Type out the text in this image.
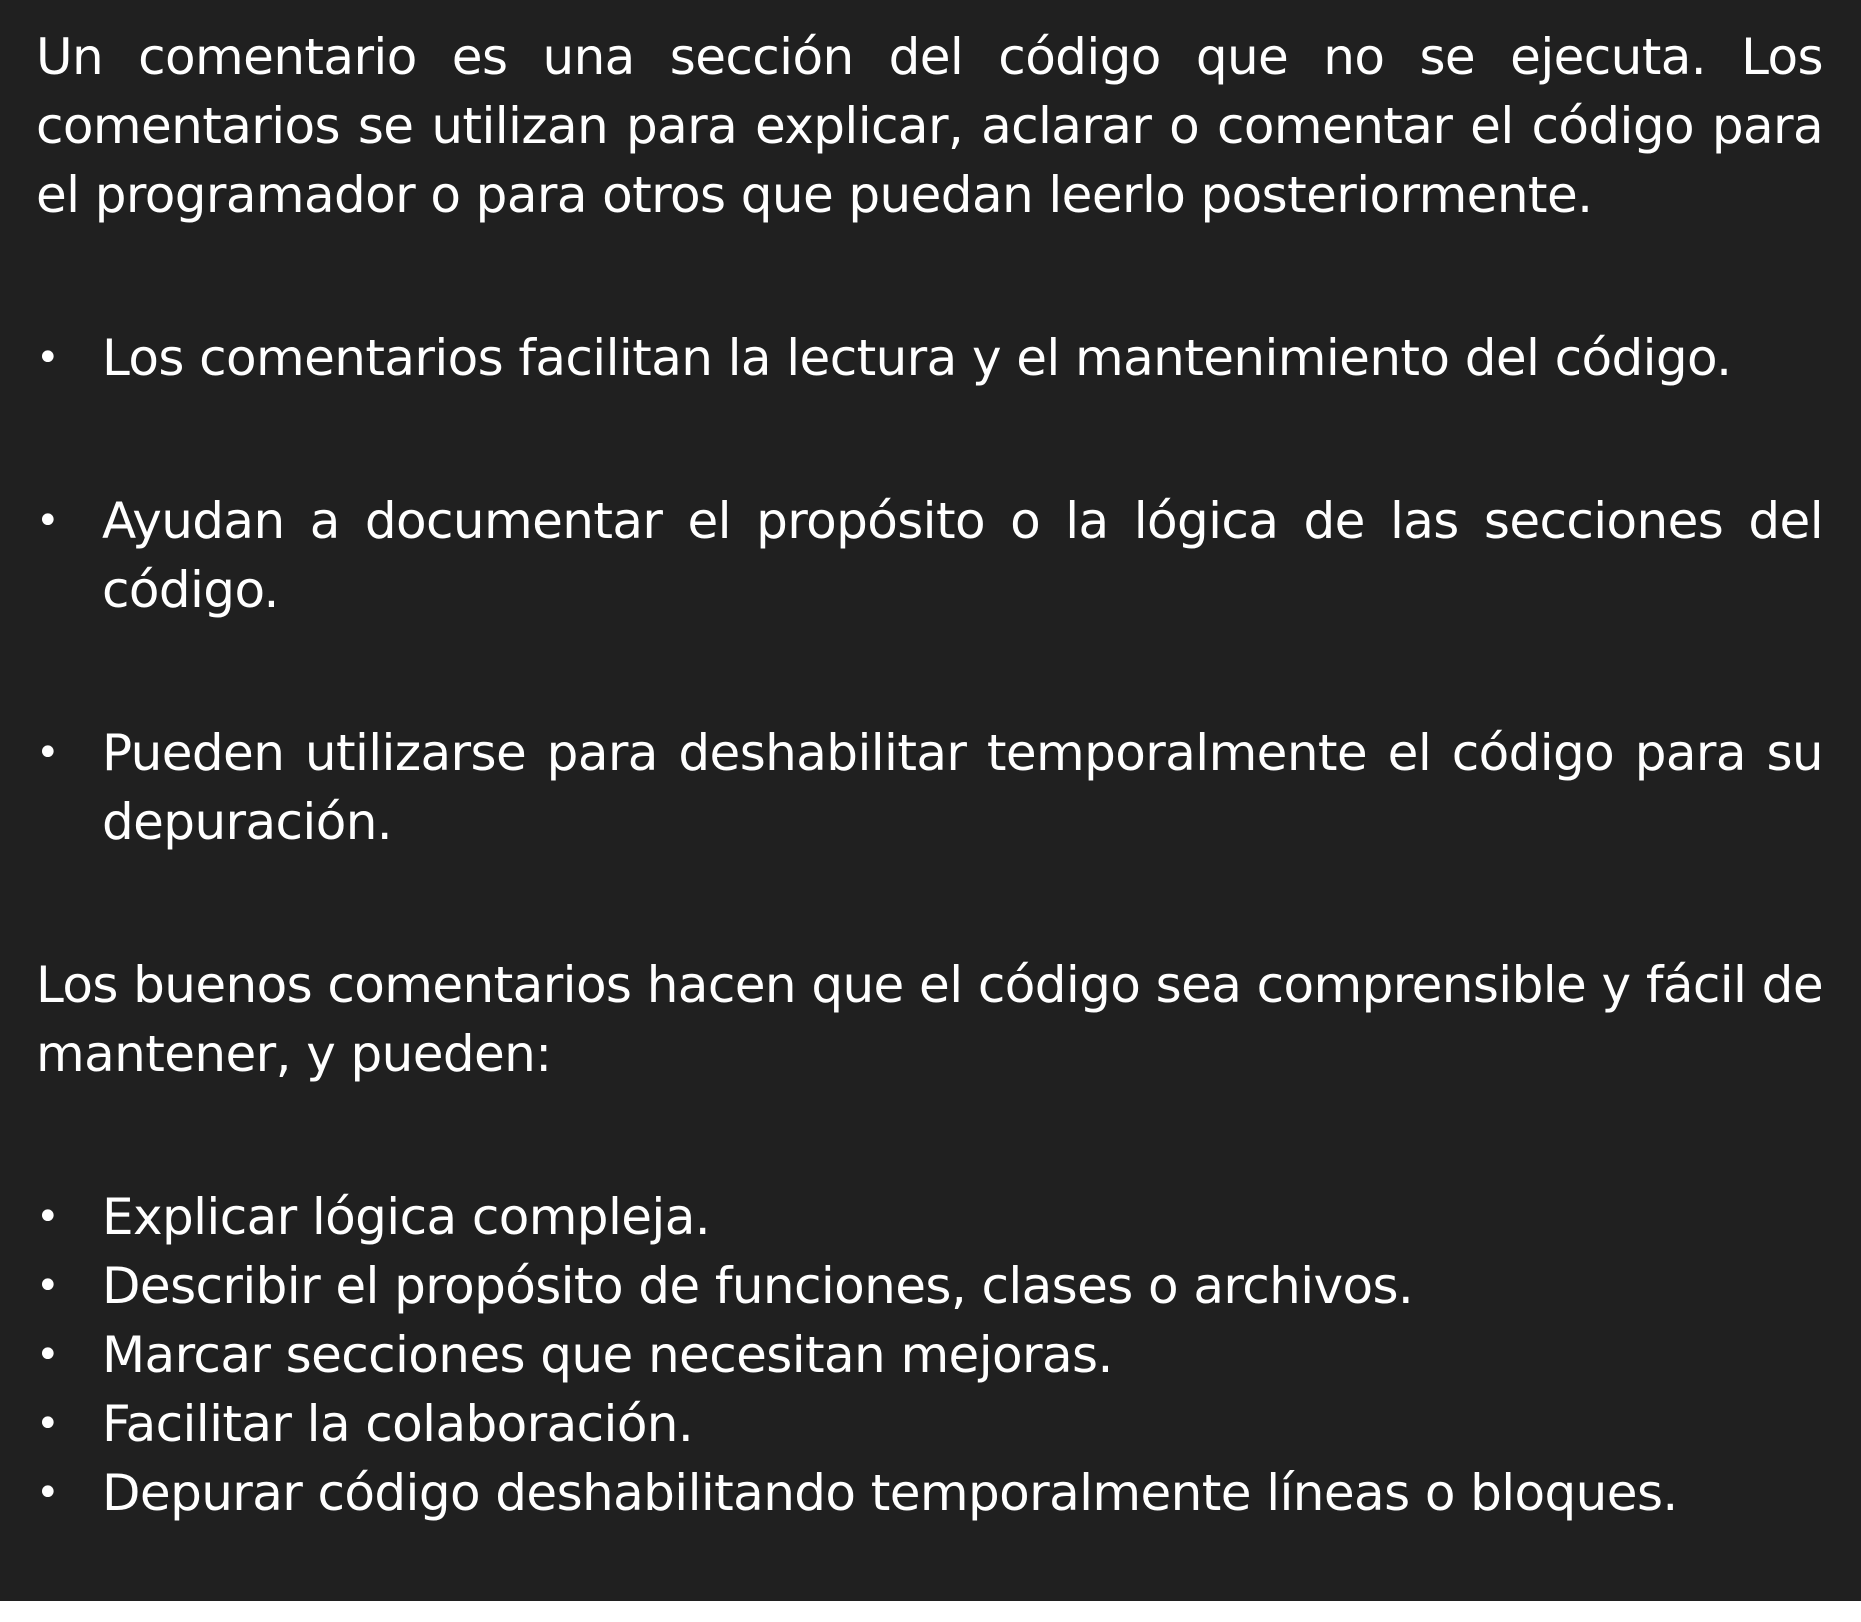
Un comentario es una sección del código que no se ejecuta. Los comentarios se utilizan para explicar, aclarar o comentar el código para el programador o para otros que puedan leerlo posteriormente.

• Los comentarios facilitan la lectura y el mantenimiento del código.
• Ayudan a documentar el propósito o la lógica de las secciones del código.
• Pueden utilizarse para deshabilitar temporalmente el código para su depuración.

Los buenos comentarios hacen que el código sea comprensible y fácil de mantener, y pueden:

• Explicar lógica compleja.
• Describir el propósito de funciones, clases o archivos.
• Marcar secciones que necesitan mejoras.
• Facilitar la colaboración.
• Depurar código deshabilitando temporalmente líneas o bloques.
